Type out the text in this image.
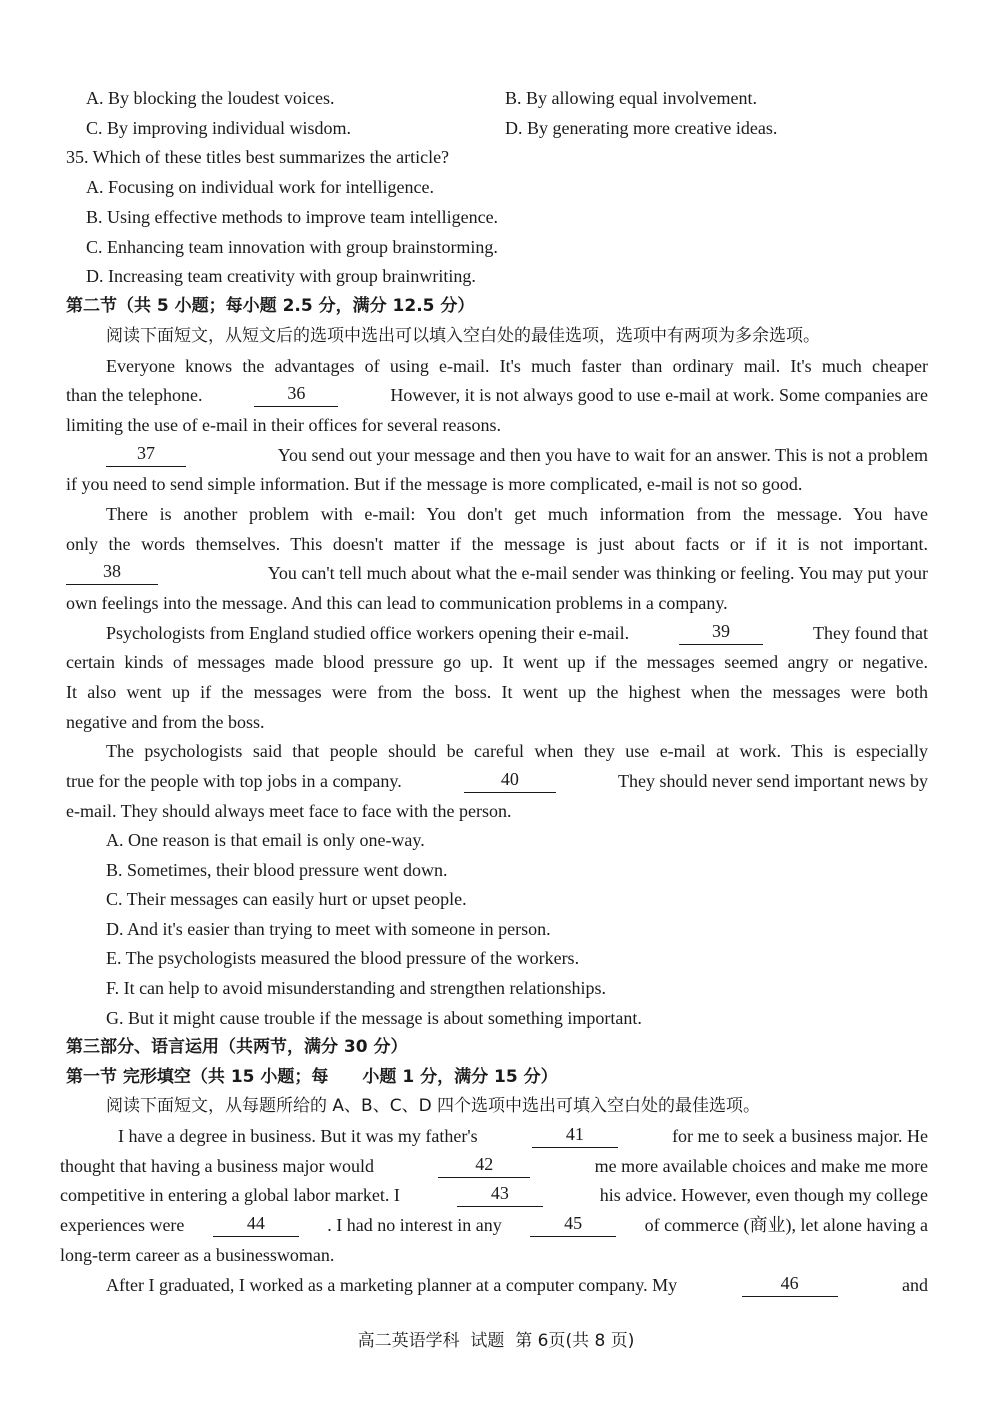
A. By blocking the loudest voices.	B. By allowing equal involvement.
C. By improving individual wisdom.	D. By generating more creative ideas.
35. Which of these titles best summarizes the article?
A. Focusing on individual work for intelligence.
B. Using effective methods to improve team intelligence.
C. Enhancing team innovation with group brainstorming.
D. Increasing team creativity with group brainwriting.
第二节（共 5 小题；每小题 2.5 分，满分 12.5 分）
阅读下面短文，从短文后的选项中选出可以填入空白处的最佳选项，选项中有两项为多余选项。
Everyone knows the advantages of using e-mail. It's much faster than ordinary mail. It's much cheaper
than the telephone.	36	However, it is not always good to use e-mail at work. Some companies are
limiting the use of e-mail in their offices for several reasons.
37	You send out your message and then you have to wait for an answer. This is not a problem
if you need to send simple information. But if the message is more complicated, e-mail is not so good.
There is another problem with e-mail: You don't get much information from the message. You have
only the words themselves. This doesn't matter if the message is just about facts or if it is not important.
38	You can't tell much about what the e-mail sender was thinking or feeling. You may put your
own feelings into the message. And this can lead to communication problems in a company.
Psychologists from England studied office workers opening their e-mail.	39	They found that
certain kinds of messages made blood pressure go up. It went up if the messages seemed angry or negative.
It also went up if the messages were from the boss. It went up the highest when the messages were both
negative and from the boss.
The psychologists said that people should be careful when they use e-mail at work. This is especially
true for the people with top jobs in a company.	40	They should never send important news by
e-mail. They should always meet face to face with the person.
A. One reason is that email is only one-way.
B. Sometimes, their blood pressure went down.
C. Their messages can easily hurt or upset people.
D. And it's easier than trying to meet with someone in person.
E. The psychologists measured the blood pressure of the workers.
F. It can help to avoid misunderstanding and strengthen relationships.
G. But it might cause trouble if the message is about something important.
第三部分、语言运用（共两节，满分 30 分）
第一节 完形填空（共 15 小题；每　　小题 1 分，满分 15 分）
阅读下面短文，从每题所给的 A、B、C、D 四个选项中选出可填入空白处的最佳选项。
I have a degree in business. But it was my father's	41	for me to seek a business major. He
thought that having a business major would	42	me more available choices and make me more
competitive in entering a global labor market. I	43	his advice. However, even though my college
experiences were	44	. I had no interest in any	45	of commerce (商业), let alone having a
long-term career as a businesswoman.
After I graduated, I worked as a marketing planner at a computer company. My	46	and
高二英语学科  试题  第 6页(共 8 页)
